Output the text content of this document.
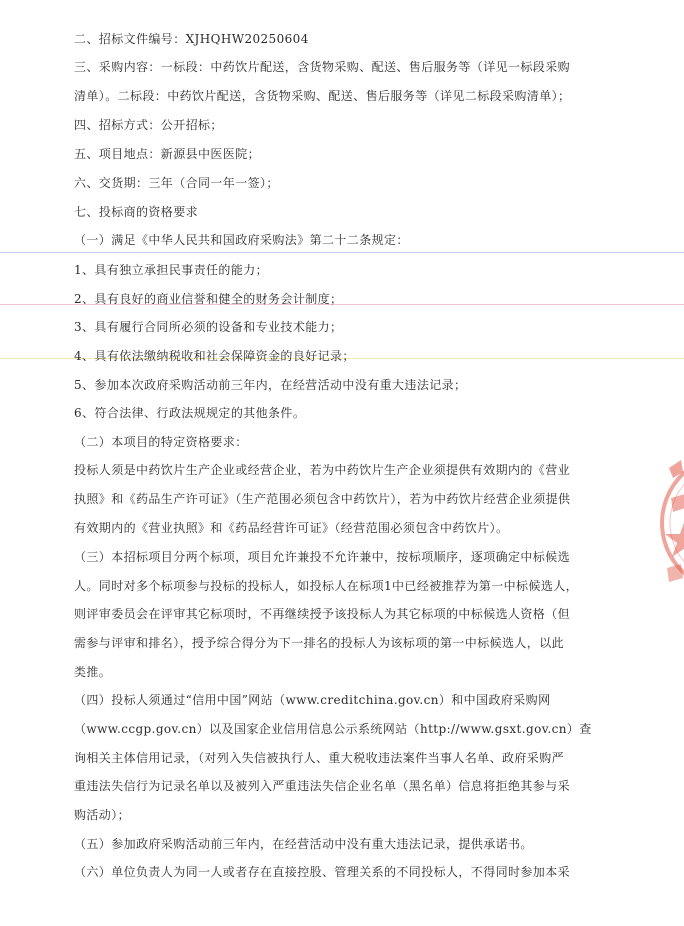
二、招标文件编号：XJHQHW20250604
三、采购内容：一标段：中药饮片配送，含货物采购、配送、售后服务等（详见一标段采购
清单）。二标段：中药饮片配送，含货物采购、配送、售后服务等（详见二标段采购清单）；
四、招标方式：公开招标；
五、项目地点：新源县中医医院；
六、交货期：三年（合同一年一签）；
七、投标商的资格要求
（一）满足《中华人民共和国政府采购法》第二十二条规定：
1、具有独立承担民事责任的能力；
2、具有良好的商业信誉和健全的财务会计制度；
3、具有履行合同所必须的设备和专业技术能力；
4、具有依法缴纳税收和社会保障资金的良好记录；
5、参加本次政府采购活动前三年内，在经营活动中没有重大违法记录；
6、符合法律、行政法规规定的其他条件。
（二）本项目的特定资格要求：
投标人须是中药饮片生产企业或经营企业，若为中药饮片生产企业须提供有效期内的《营业
执照》和《药品生产许可证》（生产范围必须包含中药饮片），若为中药饮片经营企业须提供
有效期内的《营业执照》和《药品经营许可证》（经营范围必须包含中药饮片）。
（三）本招标项目分两个标项，项目允许兼投不允许兼中，按标项顺序，逐项确定中标候选
人。同时对多个标项参与投标的投标人，如投标人在标项1中已经被推荐为第一中标候选人，
则评审委员会在评审其它标项时，不再继续授予该投标人为其它标项的中标候选人资格（但
需参与评审和排名），授予综合得分为下一排名的投标人为该标项的第一中标候选人，以此
类推。
（四）投标人须通过“信用中国”网站（www.creditchina.gov.cn）和中国政府采购网
（www.ccgp.gov.cn）以及国家企业信用信息公示系统网站（http://www.gsxt.gov.cn）查
询相关主体信用记录，（对列入失信被执行人、重大税收违法案件当事人名单、政府采购严
重违法失信行为记录名单以及被列入严重违法失信企业名单（黑名单）信息将拒绝其参与采
购活动）；
（五）参加政府采购活动前三年内，在经营活动中没有重大违法记录，提供承诺书。
（六）单位负责人为同一人或者存在直接控股、管理关系的不同投标人，不得同时参加本采
